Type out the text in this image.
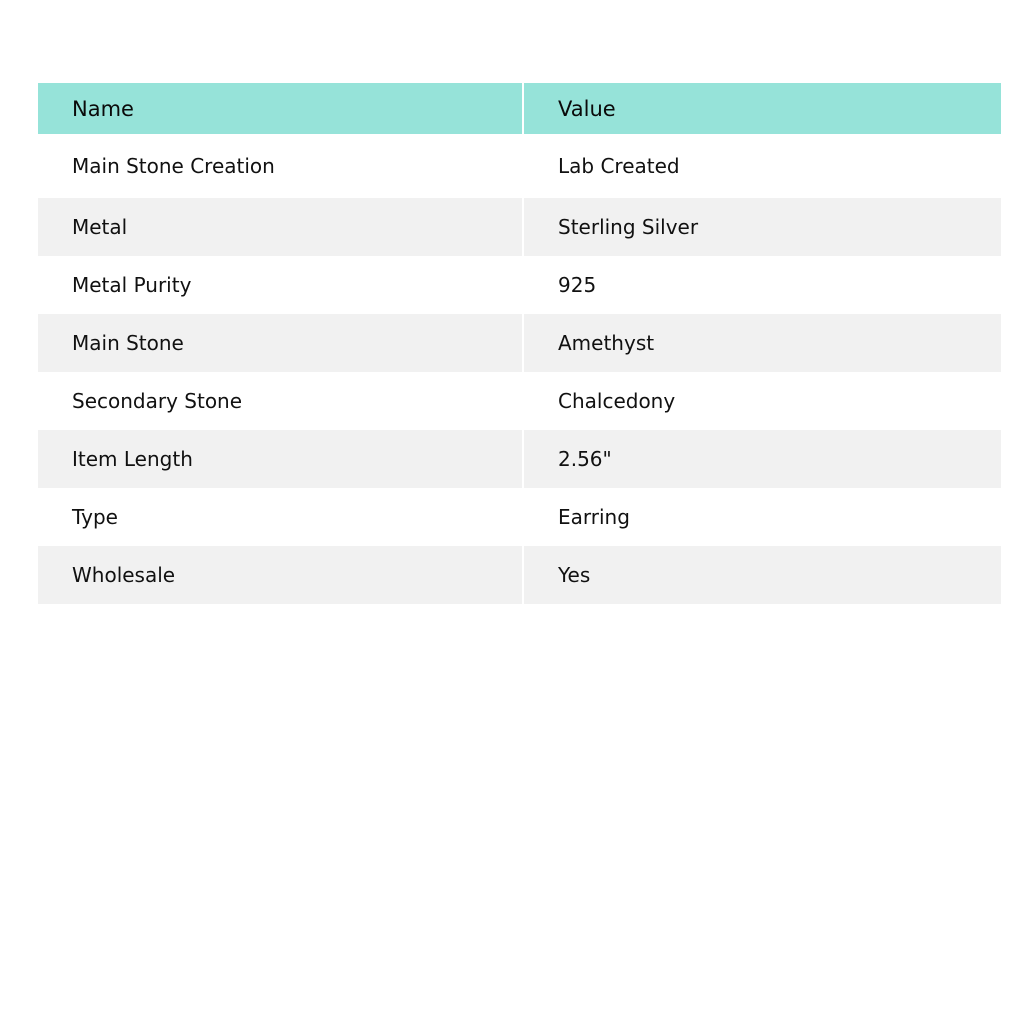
Name	Value
Main Stone Creation	Lab Created
Metal	Sterling Silver
Metal Purity	925
Main Stone	Amethyst
Secondary Stone	Chalcedony
Item Length	2.56"
Type	Earring
Wholesale	Yes
